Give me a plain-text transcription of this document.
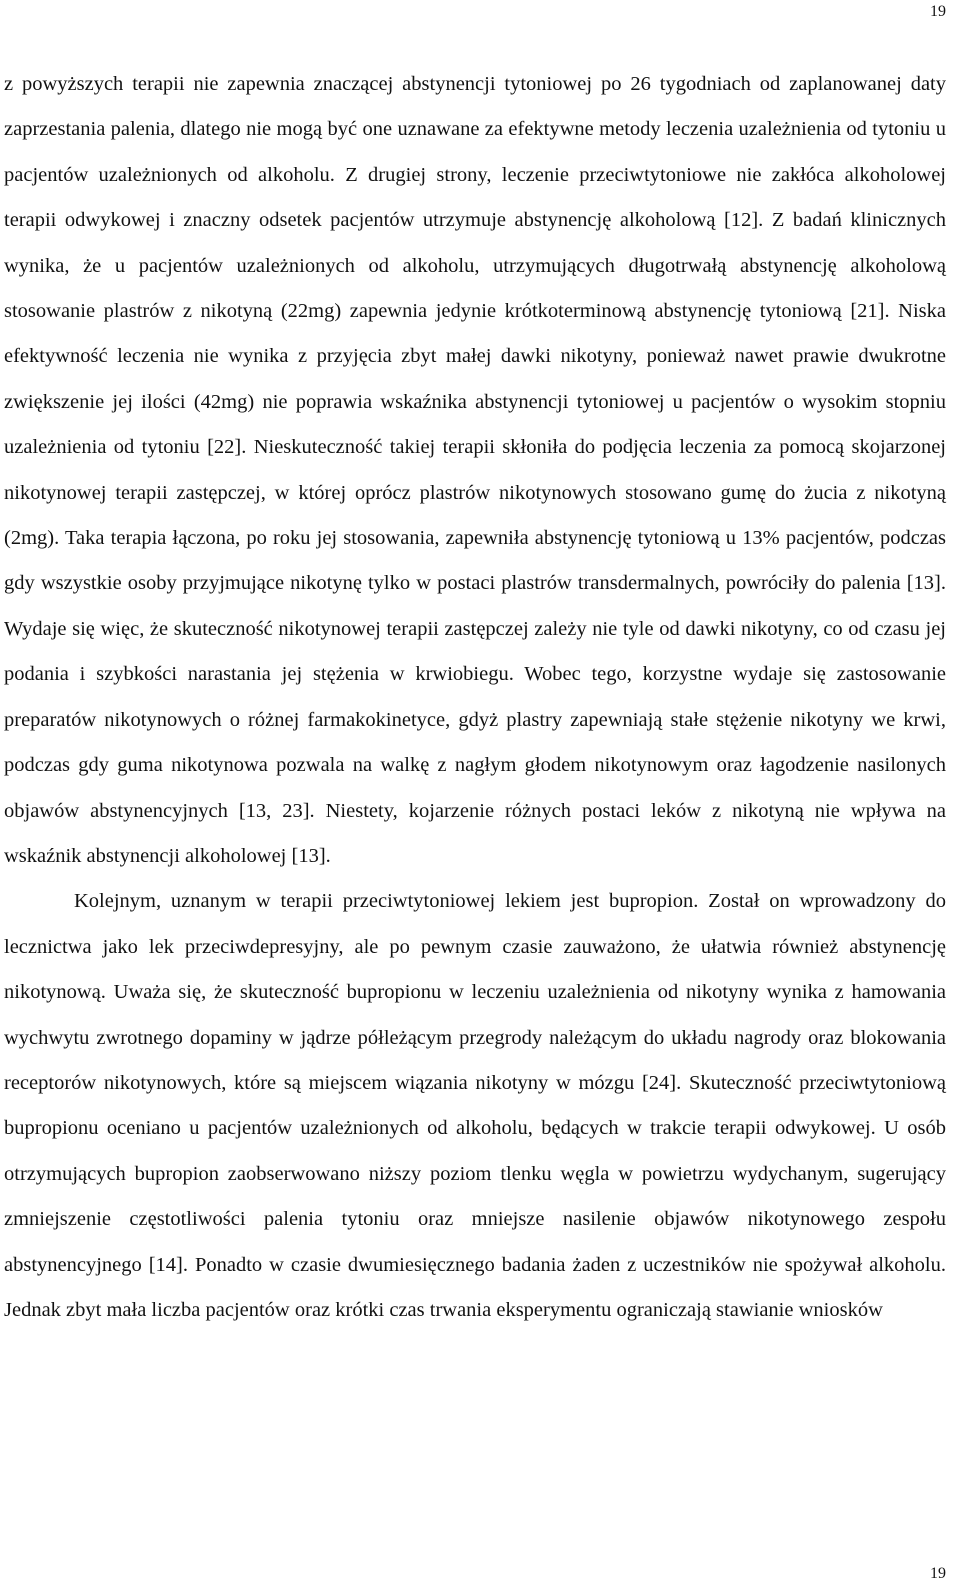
19

z powyższych terapii nie zapewnia znaczącej abstynencji tytoniowej po 26 tygodniach od zaplanowanej daty zaprzestania palenia, dlatego nie mogą być one uznawane za efektywne metody leczenia uzależnienia od tytoniu u pacjentów uzależnionych od alkoholu. Z drugiej strony, leczenie przeciwtytoniowe nie zakłóca alkoholowej terapii odwykowej i znaczny odsetek pacjentów utrzymuje abstynencję alkoholową [12]. Z badań klinicznych wynika, że u pacjentów uzależnionych od alkoholu, utrzymujących długotrwałą abstynencję alkoholową stosowanie plastrów z nikotyną (22mg) zapewnia jedynie krótkoterminową abstynencję tytoniową [21]. Niska efektywność leczenia nie wynika z przyjęcia zbyt małej dawki nikotyny, ponieważ nawet prawie dwukrotne zwiększenie jej ilości (42mg) nie poprawia wskaźnika abstynencji tytoniowej u pacjentów o wysokim stopniu uzależnienia od tytoniu [22]. Nieskuteczność takiej terapii skłoniła do podjęcia leczenia za pomocą skojarzonej nikotynowej terapii zastępczej, w której oprócz plastrów nikotynowych stosowano gumę do żucia z nikotyną (2mg). Taka terapia łączona, po roku jej stosowania, zapewniła abstynencję tytoniową u 13% pacjentów, podczas gdy wszystkie osoby przyjmujące nikotynę tylko w postaci plastrów transdermalnych, powróciły do palenia [13]. Wydaje się więc, że skuteczność nikotynowej terapii zastępczej zależy nie tyle od dawki nikotyny, co od czasu jej podania i szybkości narastania jej stężenia w krwiobiegu. Wobec tego, korzystne wydaje się zastosowanie preparatów nikotynowych o różnej farmakokinetyce, gdyż plastry zapewniają stałe stężenie nikotyny we krwi, podczas gdy guma nikotynowa pozwala na walkę z nagłym głodem nikotynowym oraz łagodzenie nasilonych objawów abstynencyjnych [13, 23]. Niestety, kojarzenie różnych postaci leków z nikotyną nie wpływa na wskaźnik abstynencji alkoholowej [13].

Kolejnym, uznanym w terapii przeciwtytoniowej lekiem jest bupropion. Został on wprowadzony do lecznictwa jako lek przeciwdepresyjny, ale po pewnym czasie zauważono, że ułatwia również abstynencję nikotynową. Uważa się, że skuteczność bupropionu w leczeniu uzależnienia od nikotyny wynika z hamowania wychwytu zwrotnego dopaminy w jądrze półleżącym przegrody należącym do układu nagrody oraz blokowania receptorów nikotynowych, które są miejscem wiązania nikotyny w mózgu [24]. Skuteczność przeciwtytoniową bupropionu oceniano u pacjentów uzależnionych od alkoholu, będących w trakcie terapii odwykowej. U osób otrzymujących bupropion zaobserwowano niższy poziom tlenku węgla w powietrzu wydychanym, sugerujący zmniejszenie częstotliwości palenia tytoniu oraz mniejsze nasilenie objawów nikotynowego zespołu abstynencyjnego [14]. Ponadto w czasie dwumiesięcznego badania żaden z uczestników nie spożywał alkoholu. Jednak zbyt mała liczba pacjentów oraz krótki czas trwania eksperymentu ograniczają stawianie wniosków

19
